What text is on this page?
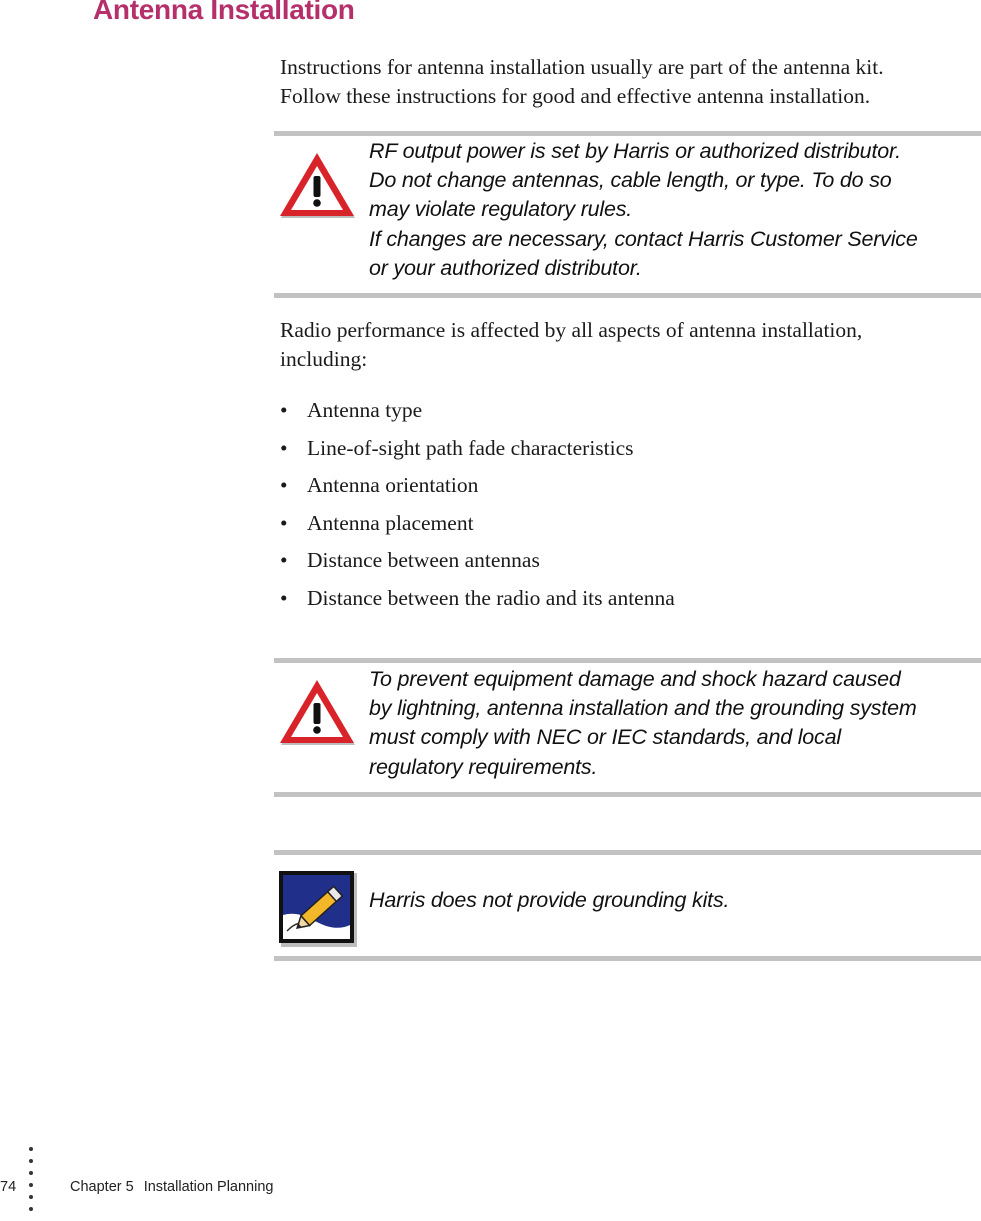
Antenna Installation

Instructions for antenna installation usually are part of the antenna kit.
Follow these instructions for good and effective antenna installation.

RF output power is set by Harris or authorized distributor.
Do not change antennas, cable length, or type. To do so
may violate regulatory rules.
If changes are necessary, contact Harris Customer Service
or your authorized distributor.

Radio performance is affected by all aspects of antenna installation,
including:

• Antenna type
• Line-of-sight path fade characteristics
• Antenna orientation
• Antenna placement
• Distance between antennas
• Distance between the radio and its antenna

To prevent equipment damage and shock hazard caused
by lightning, antenna installation and the grounding system
must comply with NEC or IEC standards, and local
regulatory requirements.

Harris does not provide grounding kits.

74	Chapter 5 Installation Planning
